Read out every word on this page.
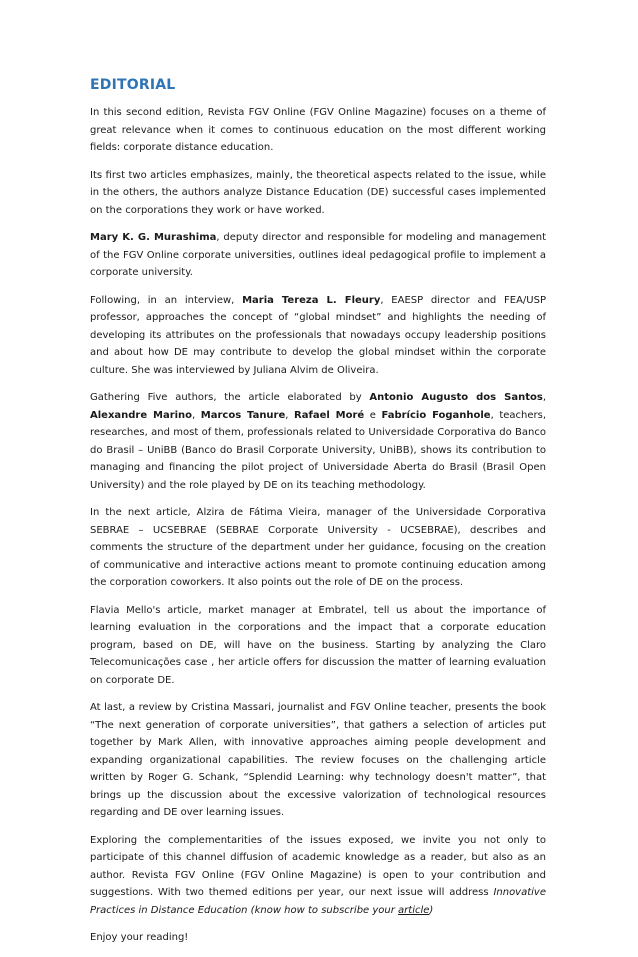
EDITORIAL

In this second edition, Revista FGV Online (FGV Online Magazine) focuses on a theme of great relevance when it comes to continuous education on the most different working fields: corporate distance education.

Its first two articles emphasizes, mainly, the theoretical aspects related to the issue, while in the others, the authors analyze Distance Education (DE) successful cases implemented on the corporations they work or have worked.

Mary K. G. Murashima, deputy director and responsible for modeling and management of the FGV Online corporate universities, outlines ideal pedagogical profile to implement a corporate university.

Following, in an interview, Maria Tereza L. Fleury, EAESP director and FEA/USP professor, approaches the concept of “global mindset” and highlights the needing of developing its attributes on the professionals that nowadays occupy leadership positions and about how DE may contribute to develop the global mindset within the corporate culture. She was interviewed by Juliana Alvim de Oliveira.

Gathering Five authors, the article elaborated by Antonio Augusto dos Santos, Alexandre Marino, Marcos Tanure, Rafael Moré e Fabrício Foganhole, teachers, researches, and most of them, professionals related to Universidade Corporativa do Banco do Brasil – UniBB (Banco do Brasil Corporate University, UniBB), shows its contribution to managing and financing the pilot project of Universidade Aberta do Brasil (Brasil Open University) and the role played by DE on its teaching methodology.

In the next article, Alzira de Fátima Vieira, manager of the Universidade Corporativa SEBRAE – UCSEBRAE (SEBRAE Corporate University - UCSEBRAE), describes and comments the structure of the department under her guidance, focusing on the creation of communicative and interactive actions meant to promote continuing education among the corporation coworkers. It also points out the role of DE on the process.

Flavia Mello's article, market manager at Embratel, tell us about the importance of learning evaluation in the corporations and the impact that a corporate education program, based on DE, will have on the business. Starting by analyzing the Claro Telecomunicações case , her article offers for discussion the matter of learning evaluation on corporate DE.

At last, a review by Cristina Massari, journalist and FGV Online teacher, presents the book “The next generation of corporate universities”, that gathers a selection of articles put together by Mark Allen, with innovative approaches aiming people development and expanding organizational capabilities. The review focuses on the challenging article written by Roger G. Schank, “Splendid Learning: why technology doesn't matter”, that brings up the discussion about the excessive valorization of technological resources regarding and DE over learning issues.

Exploring the complementarities of the issues exposed, we invite you not only to participate of this channel diffusion of academic knowledge as a reader, but also as an author. Revista FGV Online (FGV Online Magazine) is open to your contribution and suggestions. With two themed editions per year, our next issue will address Innovative Practices in Distance Education (know how to subscribe your article)

Enjoy your reading!
